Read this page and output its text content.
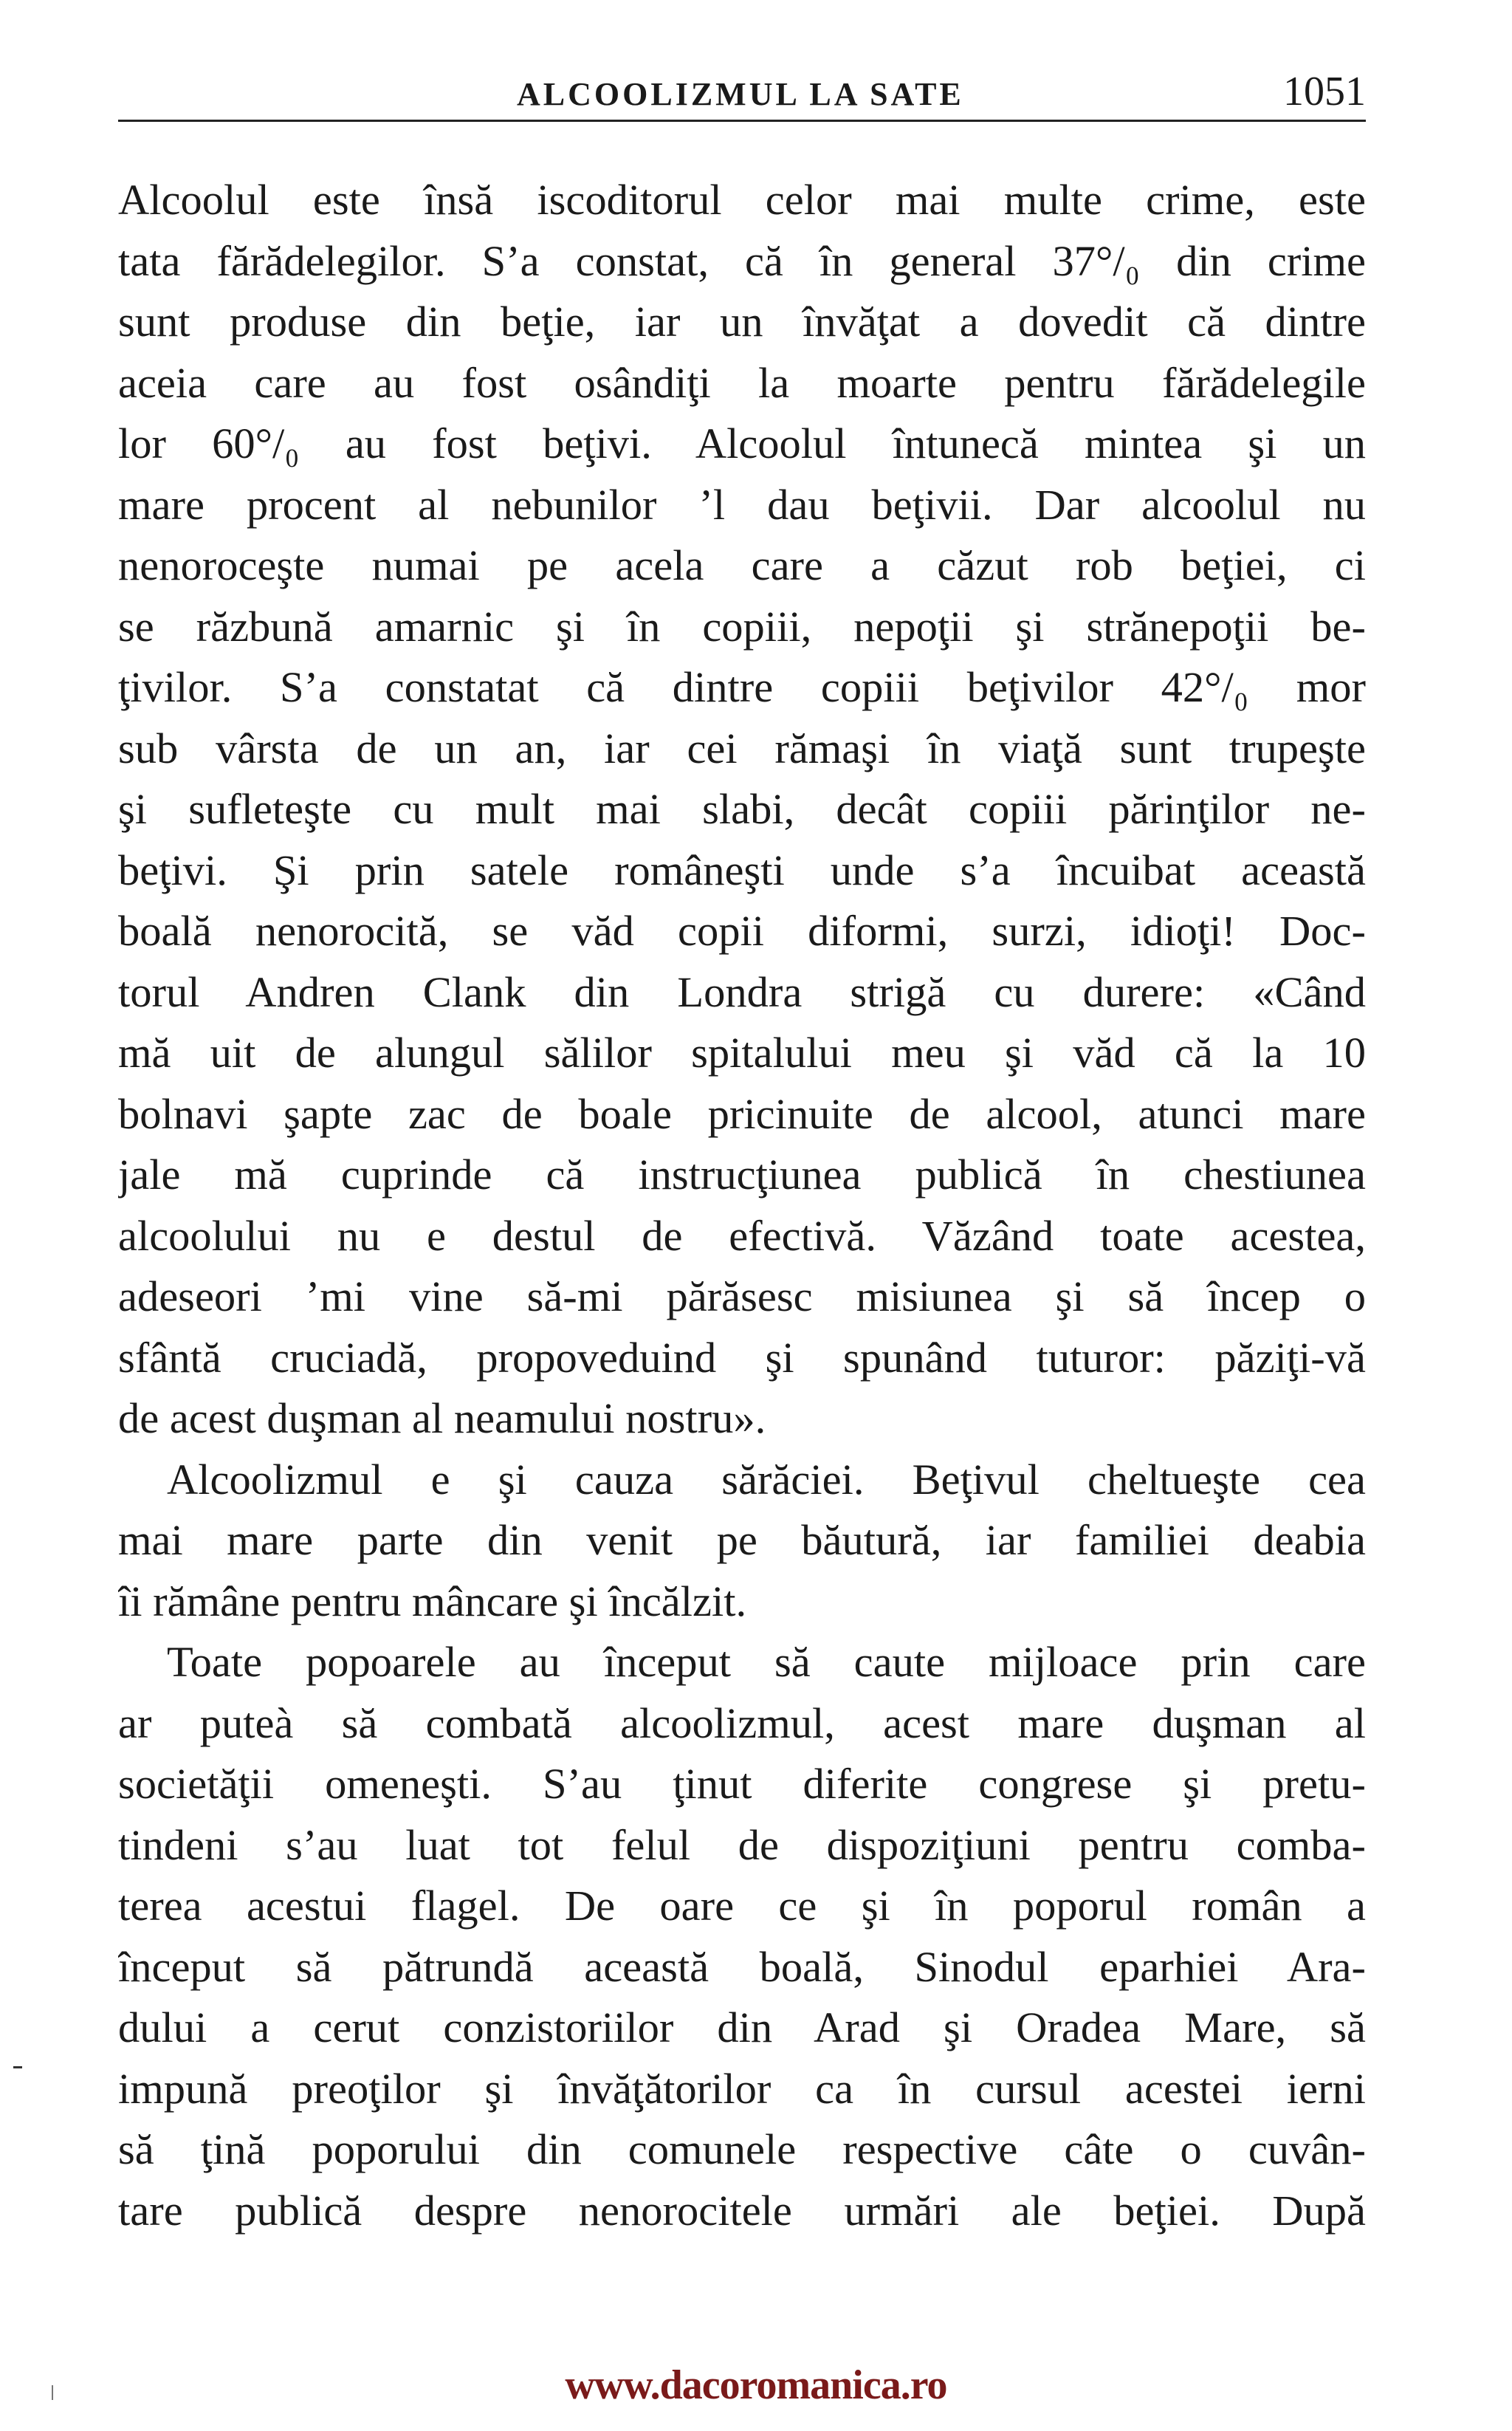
ALCOOLIZMUL LA SATE	1051
Alcoolul este însă iscoditorul celor mai multe crime, este
tata fărădelegilor. S’a constat, că în general 37°/₀ din crime
sunt produse din beţie, iar un învăţat a dovedit că dintre
aceia care au fost osândiţi la moarte pentru fărădelegile
lor 60°/₀ au fost beţivi. Alcoolul întunecă mintea şi un
mare procent al nebunilor ’l dau beţivii. Dar alcoolul nu
nenoroceşte numai pe acela care a căzut rob beţiei, ci
se răzbună amarnic şi în copiii, nepoţii şi strănepoţii be-
ţivilor. S’a constatat că dintre copiii beţivilor 42°/₀ mor
sub vârsta de un an, iar cei rămaşi în viaţă sunt trupeşte
şi sufleteşte cu mult mai slabi, decât copiii părinţilor ne-
beţivi. Şi prin satele româneşti unde s’a încuibat această
boală nenorocită, se văd copii diformi, surzi, idioţi! Doc-
torul Andren Clank din Londra strigă cu durere: «Când
mă uit de alungul sălilor spitalului meu şi văd că la 10
bolnavi şapte zac de boale pricinuite de alcool, atunci mare
jale mă cuprinde că instrucţiunea publică în chestiunea
alcoolului nu e destul de efectivă. Văzând toate acestea,
adeseori ’mi vine să-mi părăsesc misiunea şi să încep o
sfântă cruciadă, propoveduind şi spunând tuturor: păziţi-vă
de acest duşman al neamului nostru».
Alcoolizmul e şi cauza sărăciei. Beţivul cheltueşte cea
mai mare parte din venit pe băutură, iar familiei deabia
îi rămâne pentru mâncare şi încălzit.
Toate popoarele au început să caute mijloace prin care
ar puteà să combată alcoolizmul, acest mare duşman al
societăţii omeneşti. S’au ţinut diferite congrese şi pretu-
tindeni s’au luat tot felul de dispoziţiuni pentru comba-
terea acestui flagel. De oare ce şi în poporul român a
început să pătrundă această boală, Sinodul eparhiei Ara-
dului a cerut conzistoriilor din Arad şi Oradea Mare, să
impună preoţilor şi învăţătorilor ca în cursul acestei ierni
să ţină poporului din comunele respective câte o cuvân-
tare publică despre nenorocitele urmări ale beţiei. După
www.dacoromanica.ro
